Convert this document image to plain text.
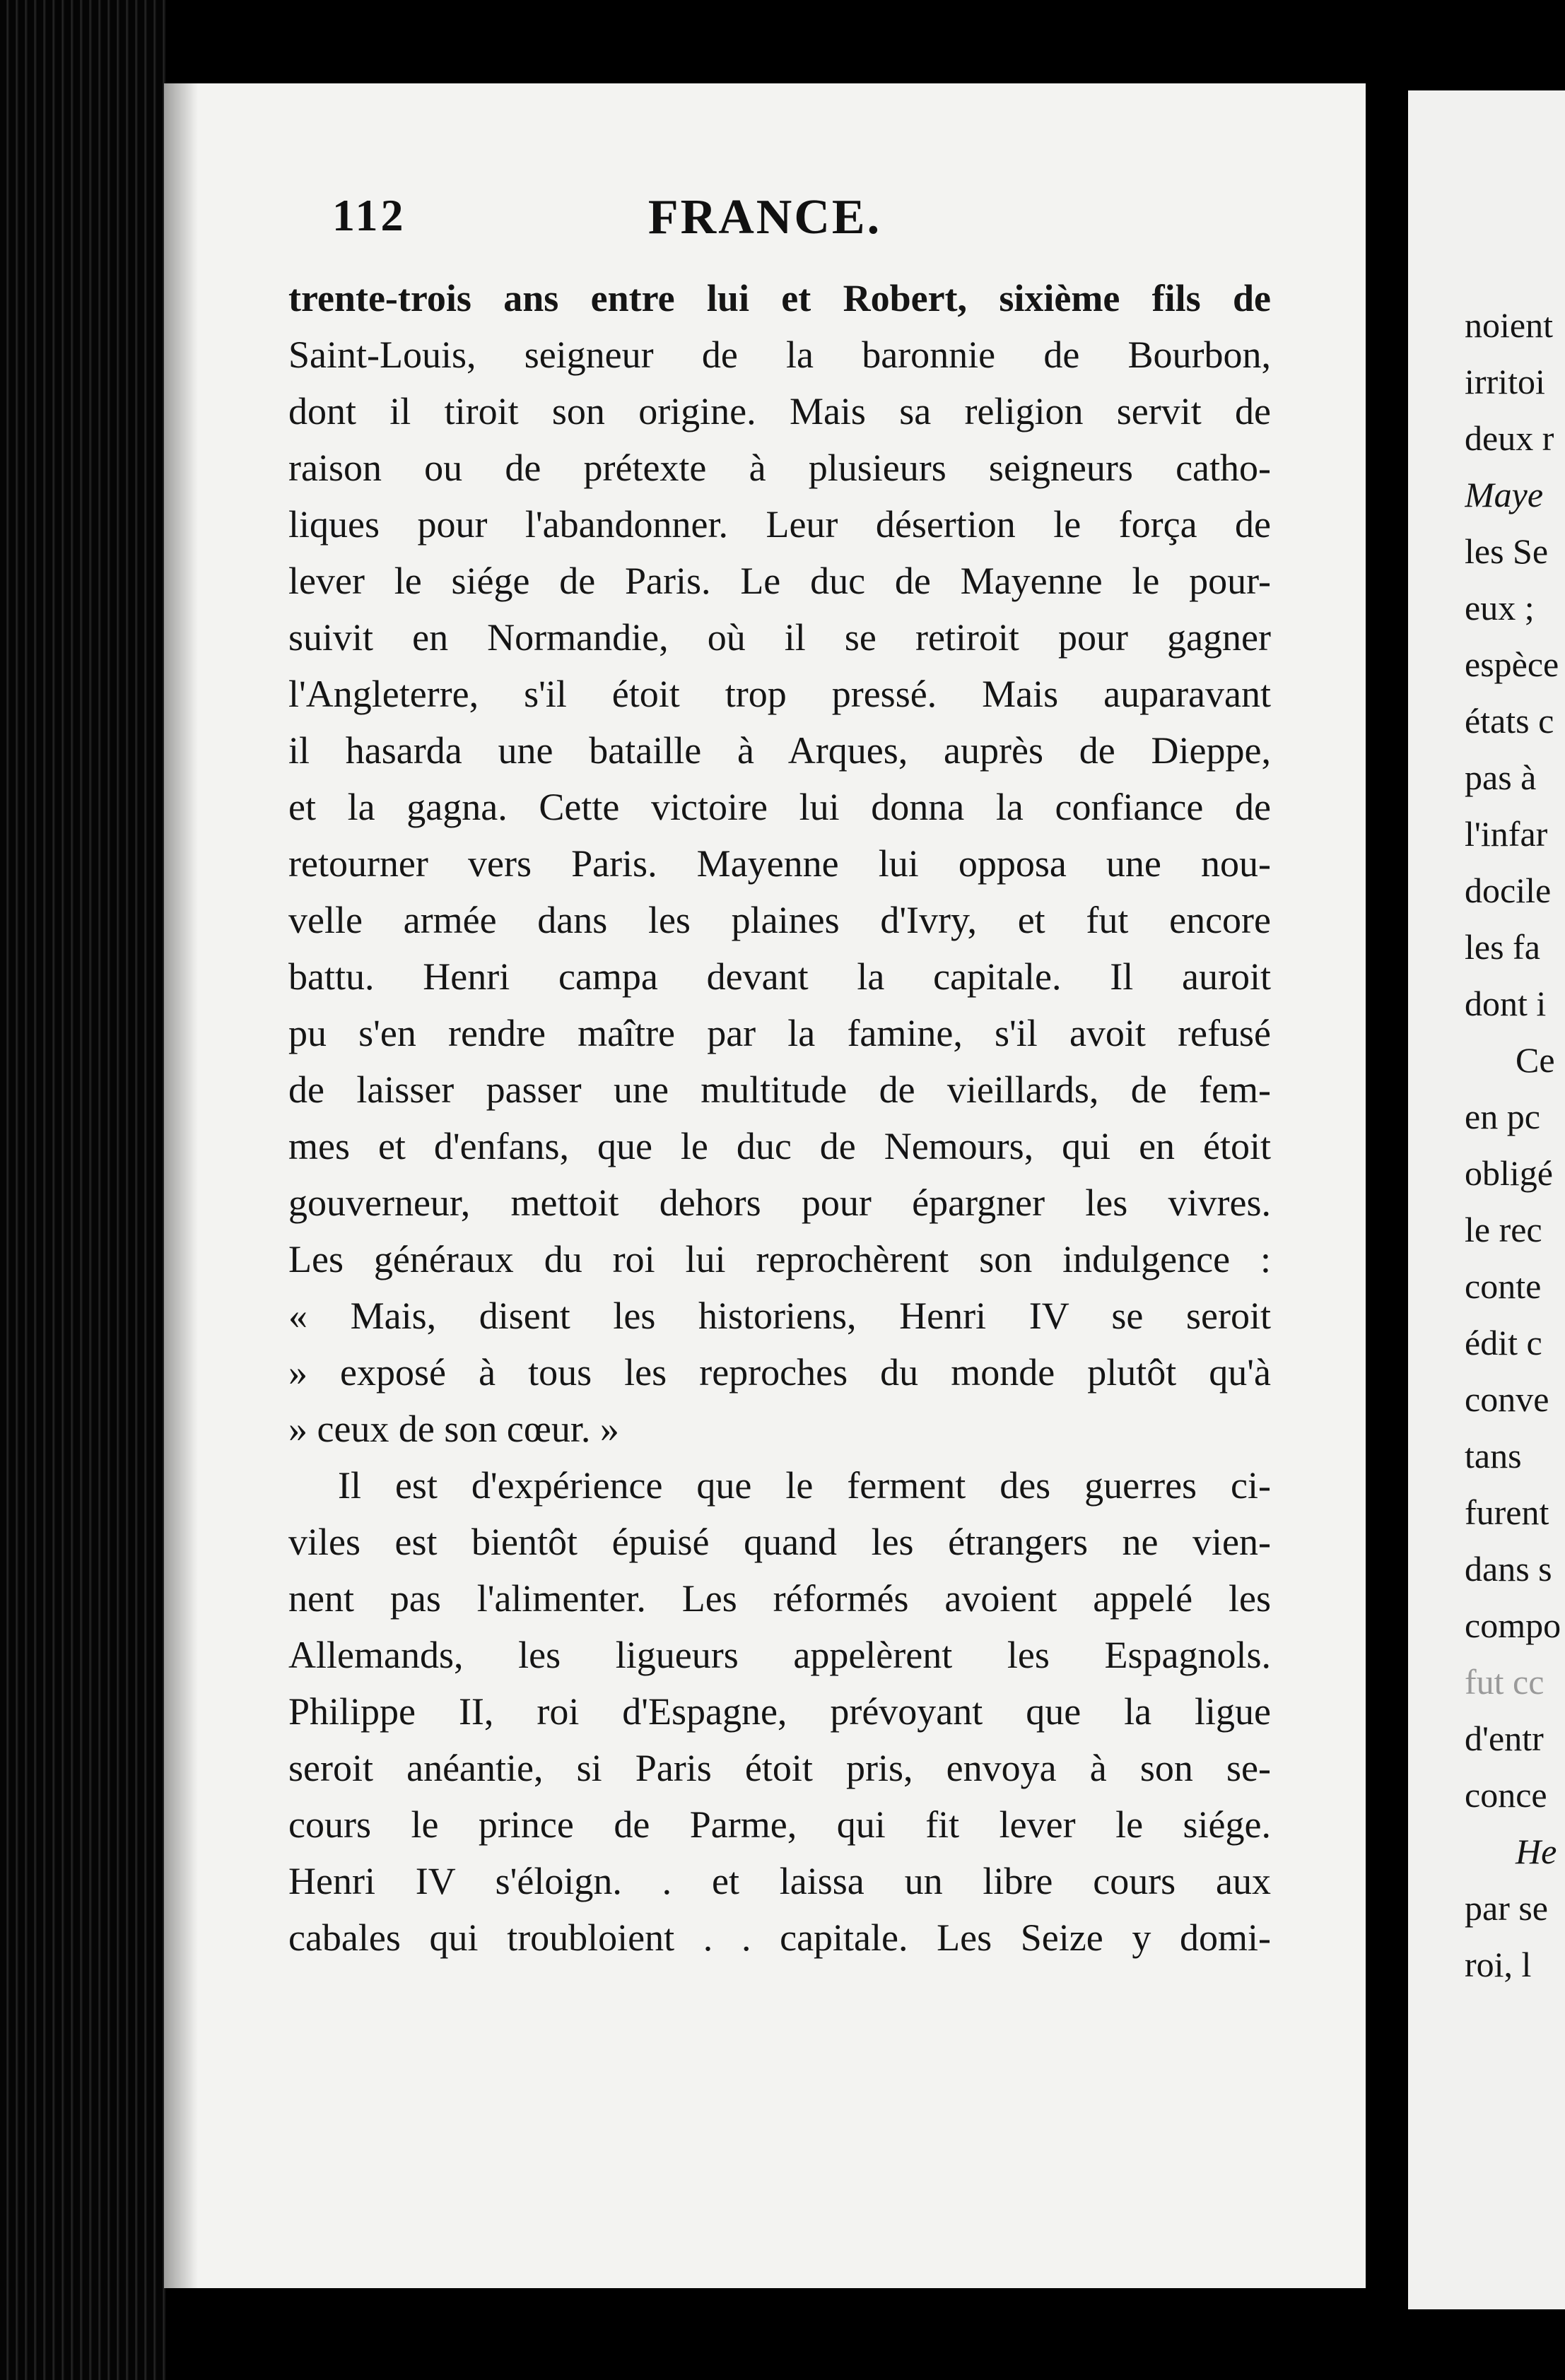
112	FRANCE.
trente-trois ans entre lui et Robert, sixième fils de
Saint-Louis, seigneur de la baronnie de Bourbon,
dont il tiroit son origine. Mais sa religion servit de
raison ou de prétexte à plusieurs seigneurs catho-
liques pour l'abandonner. Leur désertion le força de
lever le siége de Paris. Le duc de Mayenne le pour-
suivit en Normandie, où il se retiroit pour gagner
l'Angleterre, s'il étoit trop pressé. Mais auparavant
il hasarda une bataille à Arques, auprès de Dieppe,
et la gagna. Cette victoire lui donna la confiance de
retourner vers Paris. Mayenne lui opposa une nou-
velle armée dans les plaines d'Ivry, et fut encore
battu. Henri campa devant la capitale. Il auroit
pu s'en rendre maître par la famine, s'il avoit refusé
de laisser passer une multitude de vieillards, de fem-
mes et d'enfans, que le duc de Nemours, qui en étoit
gouverneur, mettoit dehors pour épargner les vivres.
Les généraux du roi lui reprochèrent son indulgence :
« Mais, disent les historiens, Henri IV se seroit
» exposé à tous les reproches du monde plutôt qu'à
» ceux de son cœur. »
Il est d'expérience que le ferment des guerres ci-
viles est bientôt épuisé quand les étrangers ne vien-
nent pas l'alimenter. Les réformés avoient appelé les
Allemands, les ligueurs appelèrent les Espagnols.
Philippe II, roi d'Espagne, prévoyant que la ligue
seroit anéantie, si Paris étoit pris, envoya à son se-
cours le prince de Parme, qui fit lever le siége.
Henri IV s'éloign. . et laissa un libre cours aux
cabales qui troubloient . . capitale. Les Seize y domi-
noient
irritoi
deux r
Maye
les Se
eux ;
espèce
états c
pas à
l'infar
docile
les fa
dont i
Ce
en pc
obligé
le rec
conte
édit c
conve
tans
furent
dans s
compo
fut cc
d'entr
conce
He
par se
roi, l
